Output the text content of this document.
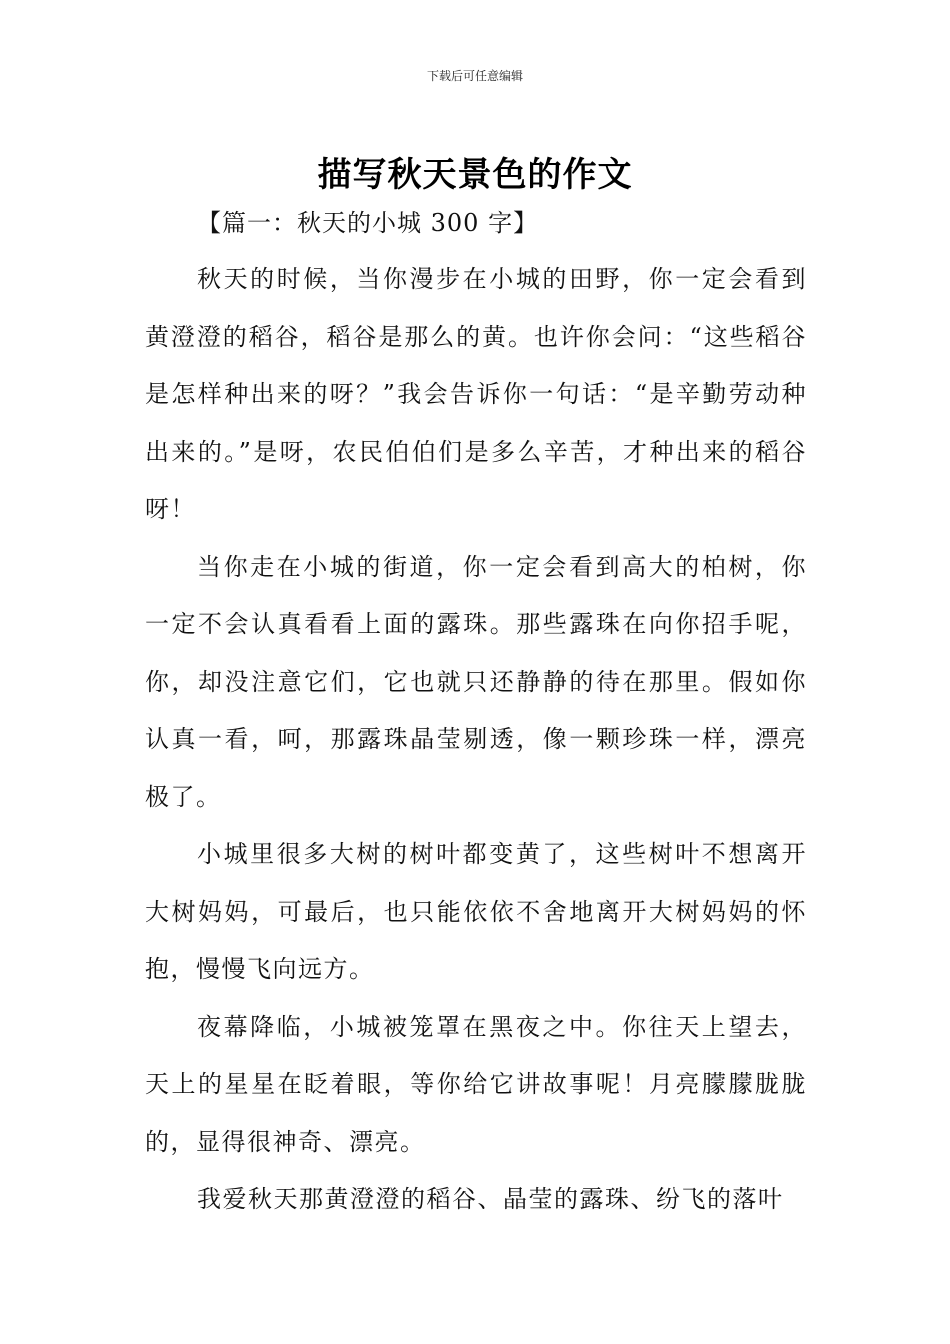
下载后可任意编辑
描写秋天景色的作文

【篇一：秋天的小城 300 字】

秋天的时候，当你漫步在小城的田野，你一定会看到黄澄澄的稻谷，稻谷是那么的黄。也许你会问：“这些稻谷是怎样种出来的呀？”我会告诉你一句话：“是辛勤劳动种出来的。”是呀，农民伯伯们是多么辛苦，才种出来的稻谷呀！

当你走在小城的街道，你一定会看到高大的柏树，你一定不会认真看看上面的露珠。那些露珠在向你招手呢，你，却没注意它们，它也就只还静静的待在那里。假如你认真一看，呵，那露珠晶莹剔透，像一颗珍珠一样，漂亮极了。

小城里很多大树的树叶都变黄了，这些树叶不想离开大树妈妈，可最后，也只能依依不舍地离开大树妈妈的怀抱，慢慢飞向远方。

夜幕降临，小城被笼罩在黑夜之中。你往天上望去，天上的星星在眨着眼，等你给它讲故事呢！月亮朦朦胧胧的，显得很神奇、漂亮。

我爱秋天那黄澄澄的稻谷、晶莹的露珠、纷飞的落叶
